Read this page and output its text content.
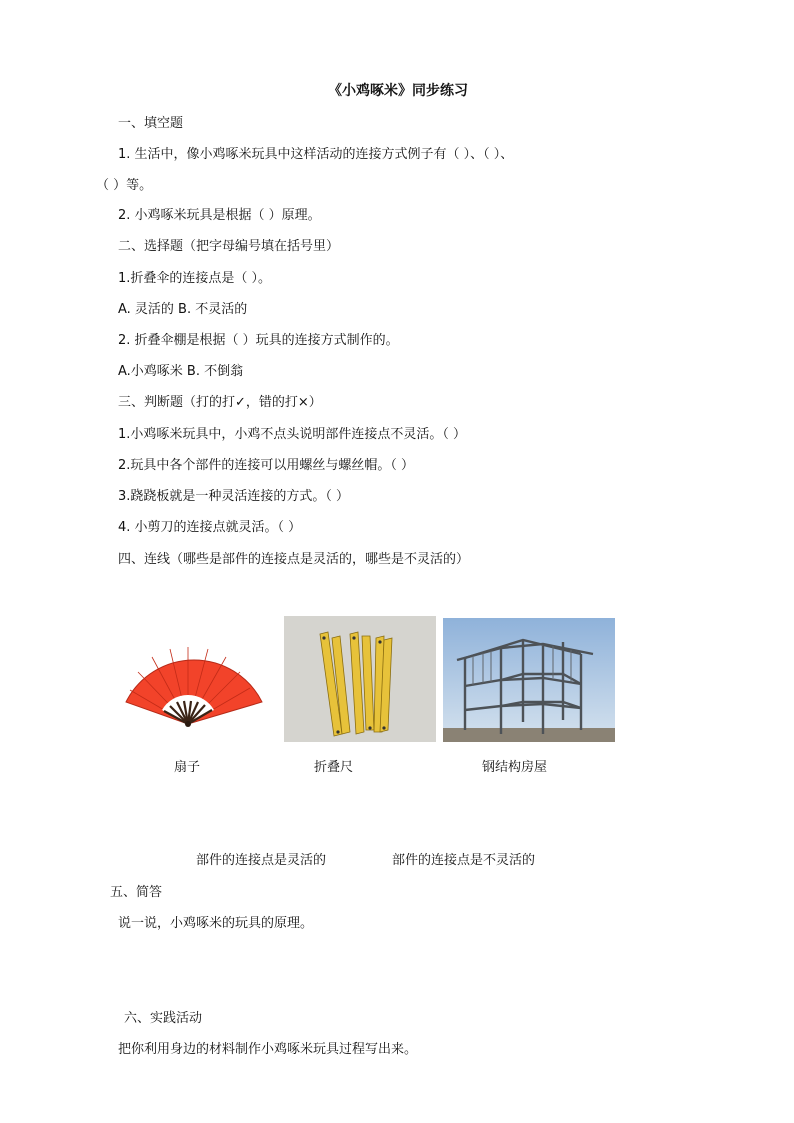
《小鸡啄米》同步练习
一、填空题
1. 生活中，像小鸡啄米玩具中这样活动的连接方式例子有（ ）、（ ）、
（ ）等。
2. 小鸡啄米玩具是根据（ ）原理。
二、选择题（把字母编号填在括号里）
1.折叠伞的连接点是（ ）。
A. 灵活的 B. 不灵活的
2. 折叠伞棚是根据（ ）玩具的连接方式制作的。
A.小鸡啄米 B. 不倒翁
三、判断题（打的打✓，错的打×）
1.小鸡啄米玩具中，小鸡不点头说明部件连接点不灵活。（ ）
2.玩具中各个部件的连接可以用螺丝与螺丝帽。（ ）
3.跷跷板就是一种灵活连接的方式。（ ）
4. 小剪刀的连接点就灵活。（ ）
四、连线（哪些是部件的连接点是灵活的，哪些是不灵活的）
扇子	折叠尺	钢结构房屋
部件的连接点是灵活的	部件的连接点是不灵活的
五、简答
说一说，小鸡啄米的玩具的原理。
六、实践活动
把你利用身边的材料制作小鸡啄米玩具过程写出来。
